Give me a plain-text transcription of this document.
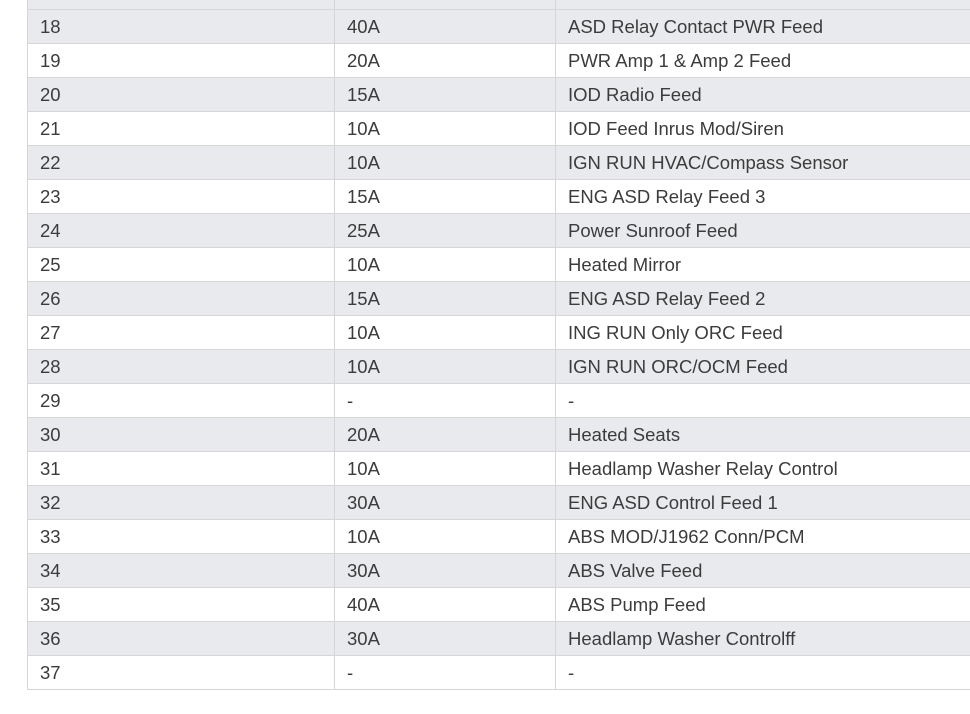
18	40A	ASD Relay Contact PWR Feed
19	20A	PWR Amp 1 & Amp 2 Feed
20	15A	IOD Radio Feed
21	10A	IOD Feed Inrus Mod/Siren
22	10A	IGN RUN HVAC/Compass Sensor
23	15A	ENG ASD Relay Feed 3
24	25A	Power Sunroof Feed
25	10A	Heated Mirror
26	15A	ENG ASD Relay Feed 2
27	10A	ING RUN Only ORC Feed
28	10A	IGN RUN ORC/OCM Feed
29	-	-
30	20A	Heated Seats
31	10A	Headlamp Washer Relay Control
32	30A	ENG ASD Control Feed 1
33	10A	ABS MOD/J1962 Conn/PCM
34	30A	ABS Valve Feed
35	40A	ABS Pump Feed
36	30A	Headlamp Washer Controlff
37	-	-
